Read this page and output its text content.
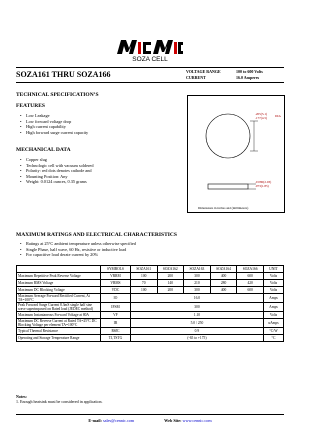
SOZA CELL
SOZA161 THRU SOZA166	VOLTAGE RANGE	100 to 600 Volts
CURRENT	16.0 Amperes
TECHNICAL SPECIFICATION’S
FEATURES
• Low Leakage
• Low forward voltage drop
• High current capability
• High forward surge current capacity
MECHANICAL DATA
• Copper slug
• Technologic cell with vacuum soldered
• Polarity: red dots denotes cathode and
• Mounting Position: Any
• Weight: 0.0124 ounces, 0.35 grams
.205(5.1)
.177(4.5) DIA
.0 080(2.03)
.073(1.85)
Dimensions in inches and (millimeters)
MAXIMUM RATINGS AND ELECTRICAL CHARACTERISTICS
• Ratings at 25°C ambient temperature unless otherwise specified
• Single Phase, half wave, 60 Hz, resistive or inductive load
• For capacitive load derate current by 20%
	SYMBOLS	SOZA161	SOZA162	SOZA163	SOZA164	SOZA166	UNIT
Maximum Repetitive Peak Reverse Voltage	VRRM	100	200	300	400	600	Volts
Maximum RMS Voltage	VRMS	70	140	210	280	420	Volts
Maximum DC Blocking Voltage	VDC	100	200	300	400	600	Volts
Maximum Average Forward Rectified Current, At TA=100°C	IO	16.0					Amps
Peak Forward Surge Current 8.3mS single half sine wave superimposed on Rated load (JEDEC method)	IFSM	300					Amps
Maximum Instantaneous Forward Voltage at 80A	VF	1.10					Volts
Maximum DC Reverse Current at Rated TA=25°C DC Blocking Voltage per element TA=100°C	IR	5.0 / 250					uAmps
Typical Thermal Resistance	RθJC	0.9					°C/W
Operating and Storage Temperature Range	TJ,TSTG	(-65 to +175)					°C
Notes:
1. Enough heatsink must be considered in application.
E-mail: sales@cennic.com	Web Site: www.cennic.com
